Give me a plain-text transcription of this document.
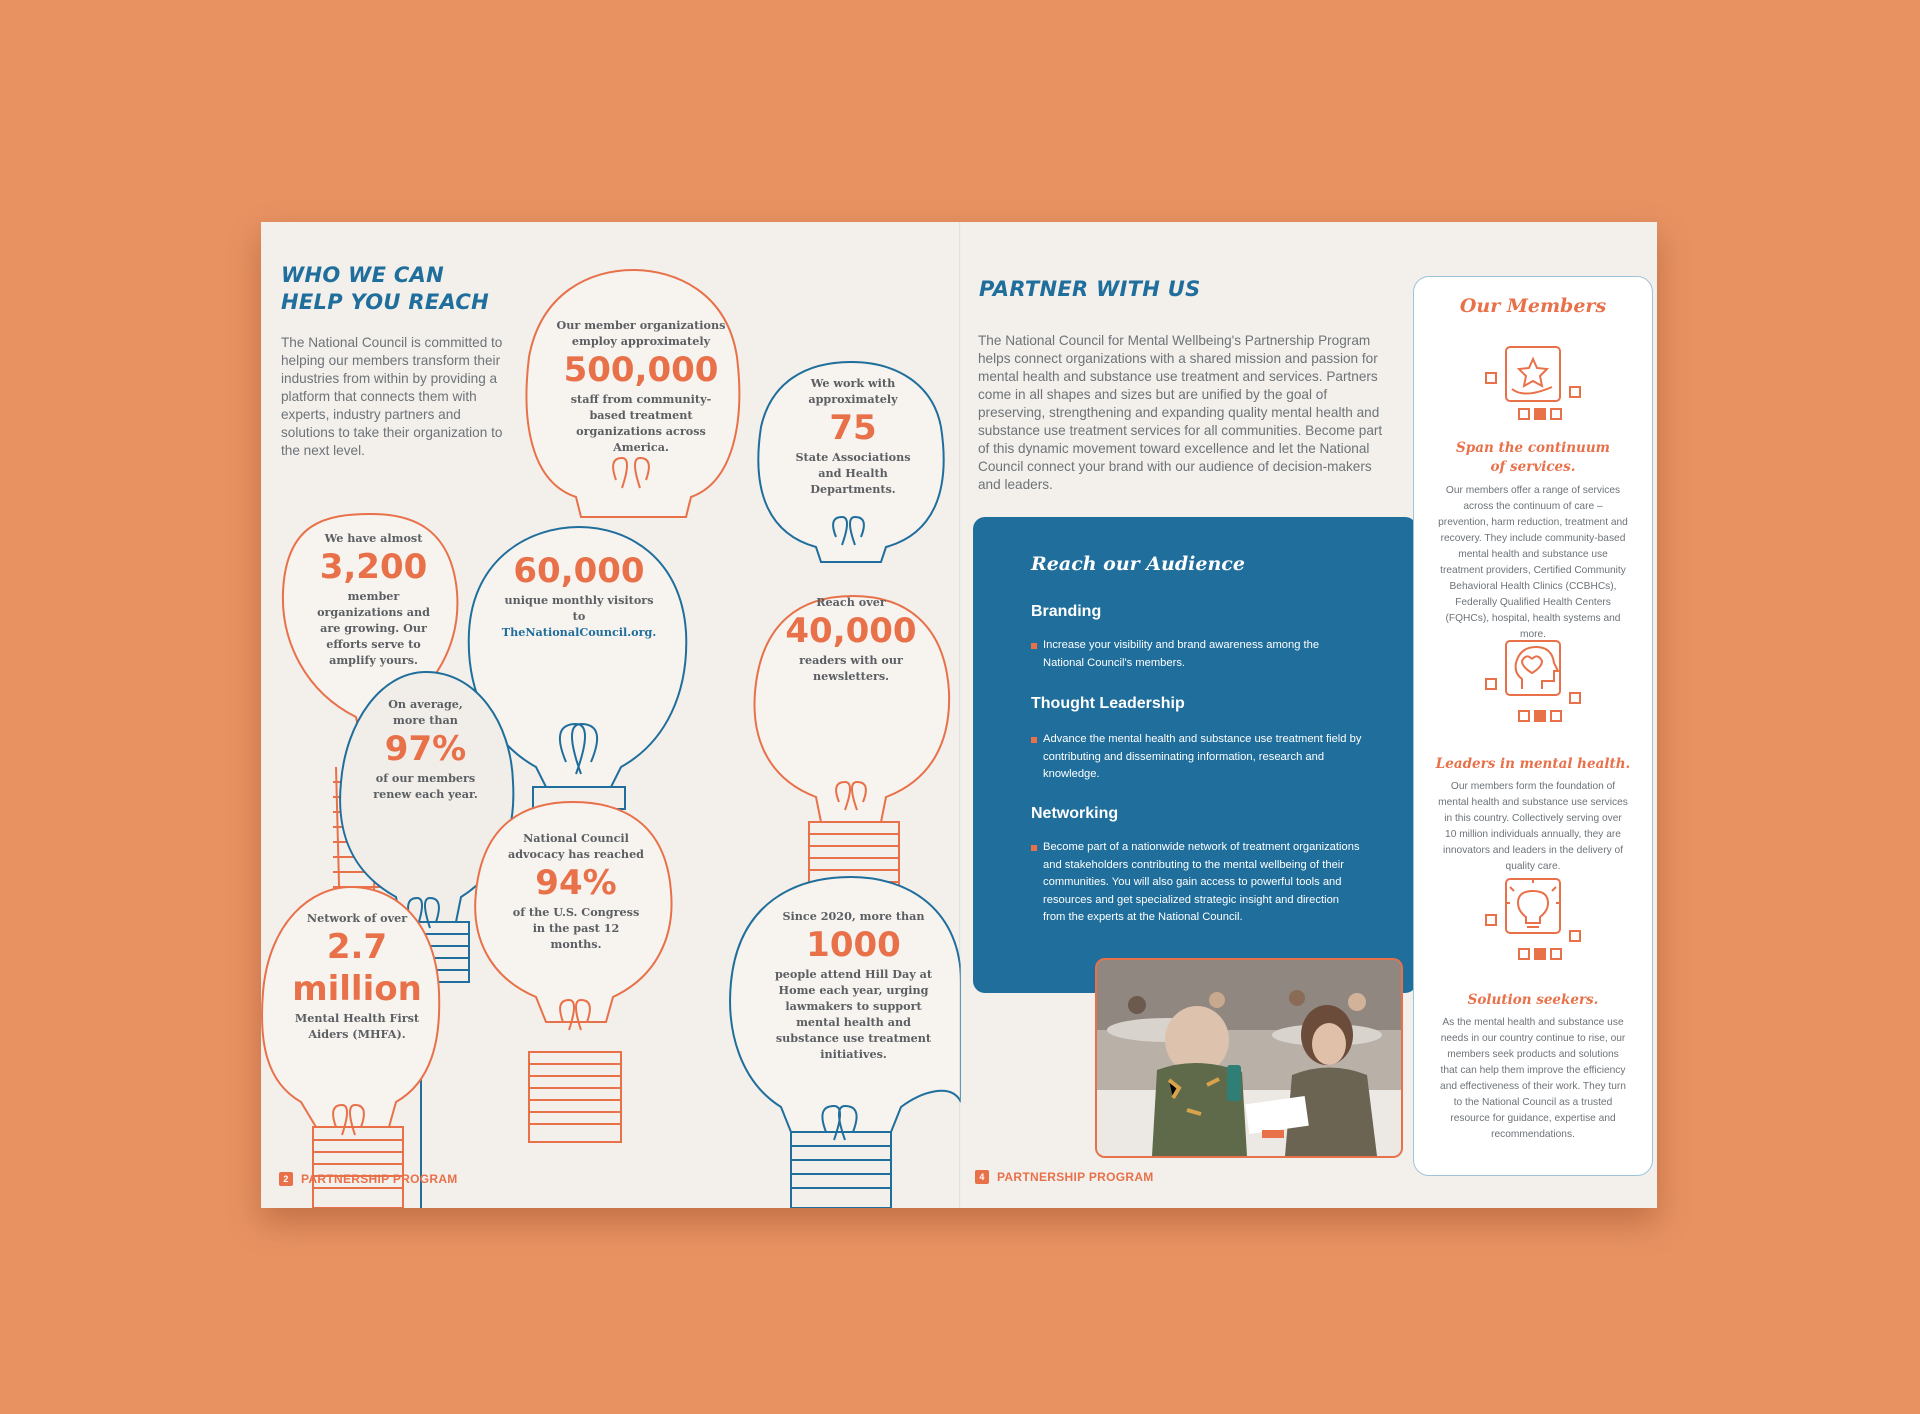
WHO WE CAN
HELP YOU REACH
The National Council is committed to helping our members transform their industries from within by providing a platform that connects them with experts, industry partners and solutions to take their organization to the next level.
Our member organizations employ approximately
500,000
staff from community-based treatment organizations across America.
We work with approximately
75
State Associations and Health Departments.
We have almost
3,200
member organizations and are growing. Our efforts serve to amplify yours.
60,000
unique monthly visitors to
TheNationalCouncil.org.
Reach over
40,000
readers with our newsletters.
On average, more than
97%
of our members renew each year.
National Council advocacy has reached
94%
of the U.S. Congress in the past 12 months.
Network of over
2.7 million
Mental Health First Aiders (MHFA).
Since 2020, more than
1000
people attend Hill Day at Home each year, urging lawmakers to support mental health and substance use treatment initiatives.
2	PARTNERSHIP PROGRAM
PARTNER WITH US
The National Council for Mental Wellbeing's Partnership Program helps connect organizations with a shared mission and passion for mental health and substance use treatment and services. Partners come in all shapes and sizes but are unified by the goal of preserving, strengthening and expanding quality mental health and substance use treatment services for all communities. Become part of this dynamic movement toward excellence and let the National Council connect your brand with our audience of decision-makers and leaders.
Reach our Audience
Branding
Increase your visibility and brand awareness among the National Council's members.
Thought Leadership
Advance the mental health and substance use treatment field by contributing and disseminating information, research and knowledge.
Networking
Become part of a nationwide network of treatment organizations and stakeholders contributing to the mental wellbeing of their communities. You will also gain access to powerful tools and resources and get specialized strategic insight and direction from the experts at the National Council.
Our Members
Span the continuum
of services.
Our members offer a range of services across the continuum of care – prevention, harm reduction, treatment and recovery. They include community-based mental health and substance use treatment providers, Certified Community Behavioral Health Clinics (CCBHCs), Federally Qualified Health Centers (FQHCs), hospital, health systems and more.
Leaders in mental health.
Our members form the foundation of mental health and substance use services in this country. Collectively serving over 10 million individuals annually, they are innovators and leaders in the delivery of quality care.
Solution seekers.
As the mental health and substance use needs in our country continue to rise, our members seek products and solutions that can help them improve the efficiency and effectiveness of their work. They turn to the National Council as a trusted resource for guidance, expertise and recommendations.
4	PARTNERSHIP PROGRAM
